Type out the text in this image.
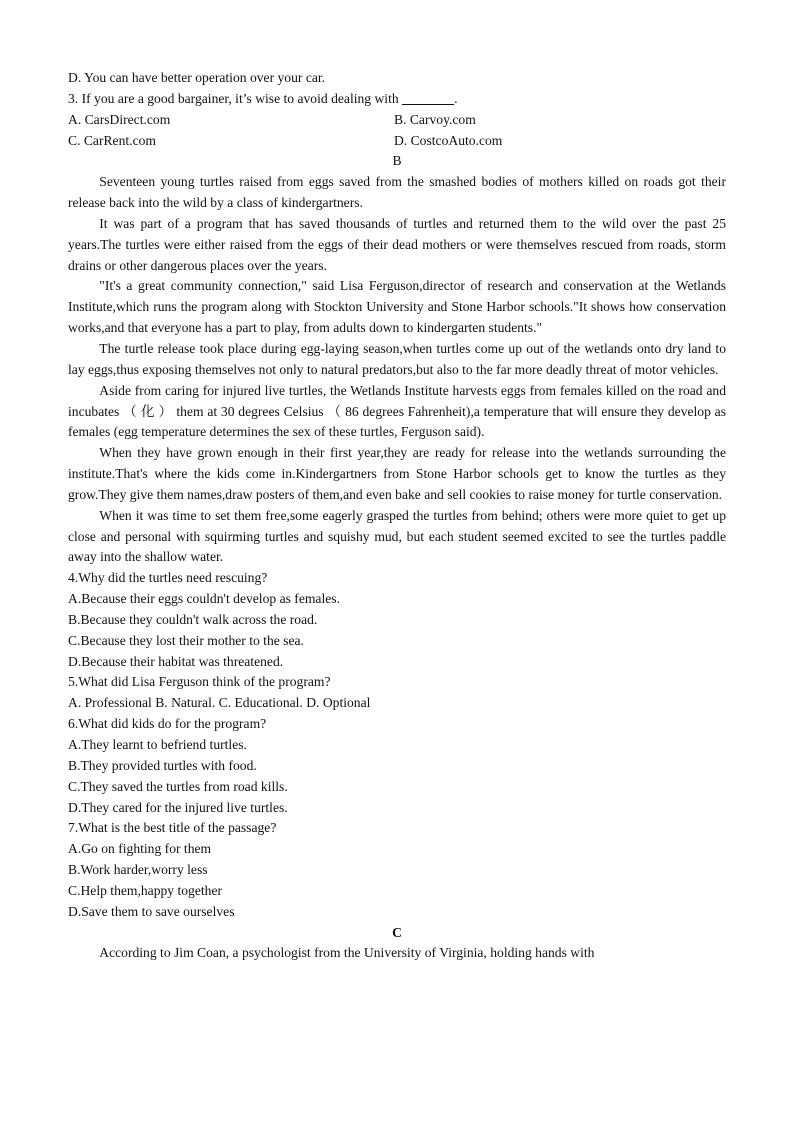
D. You can have better operation over your car.
3. If you are a good bargainer, it’s wise to avoid dealing with	.
A. CarsDirect.com	B. Carvoy.com
C. CarRent.com	D. CostcoAuto.com
B
Seventeen young turtles raised from eggs saved from the smashed bodies of mothers killed on roads got their release back into the wild by a class of kindergartners.
It was part of a program that has saved thousands of turtles and returned them to the wild over the past 25 years.The turtles were either raised from the eggs of their dead mothers or were themselves rescued from roads, storm drains or other dangerous places over the years.
"It's a great community connection," said Lisa Ferguson,director of research and conservation at the Wetlands Institute,which runs the program along with Stockton University and Stone Harbor schools."It shows how conservation works,and that everyone has a part to play, from adults down to kindergarten students."
The turtle release took place during egg-laying season,when turtles come up out of the wetlands onto dry land to lay eggs,thus exposing themselves not only to natural predators,but also to the far more deadly threat of motor vehicles.
Aside from caring for injured live turtles, the Wetlands Institute harvests eggs from females killed on the road and incubates （ 化 ） them at 30 degrees Celsius （ 86 degrees Fahrenheit),a temperature that will ensure they develop as females (egg temperature determines the sex of these turtles, Ferguson said).
When they have grown enough in their first year,they are ready for release into the wetlands surrounding the institute.That's where the kids come in.Kindergartners from Stone Harbor schools get to know the turtles as they grow.They give them names,draw posters of them,and even bake and sell cookies to raise money for turtle conservation.
When it was time to set them free,some eagerly grasped the turtles from behind; others were more quiet to get up close and personal with squirming turtles and squishy mud, but each student seemed excited to see the turtles paddle away into the shallow water.
4.Why did the turtles need rescuing?
A.Because their eggs couldn't develop as females.
B.Because they couldn't walk across the road.
C.Because they lost their mother to the sea.
D.Because their habitat was threatened.
5.What did Lisa Ferguson think of the program?
A. Professional B. Natural. C. Educational. D. Optional
6.What did kids do for the program?
A.They learnt to befriend turtles.
B.They provided turtles with food.
C.They saved the turtles from road kills.
D.They cared for the injured live turtles.
7.What is the best title of the passage?
A.Go on fighting for them
B.Work harder,worry less
C.Help them,happy together
D.Save them to save ourselves
C
According to Jim Coan, a psychologist from the University of Virginia, holding hands with
